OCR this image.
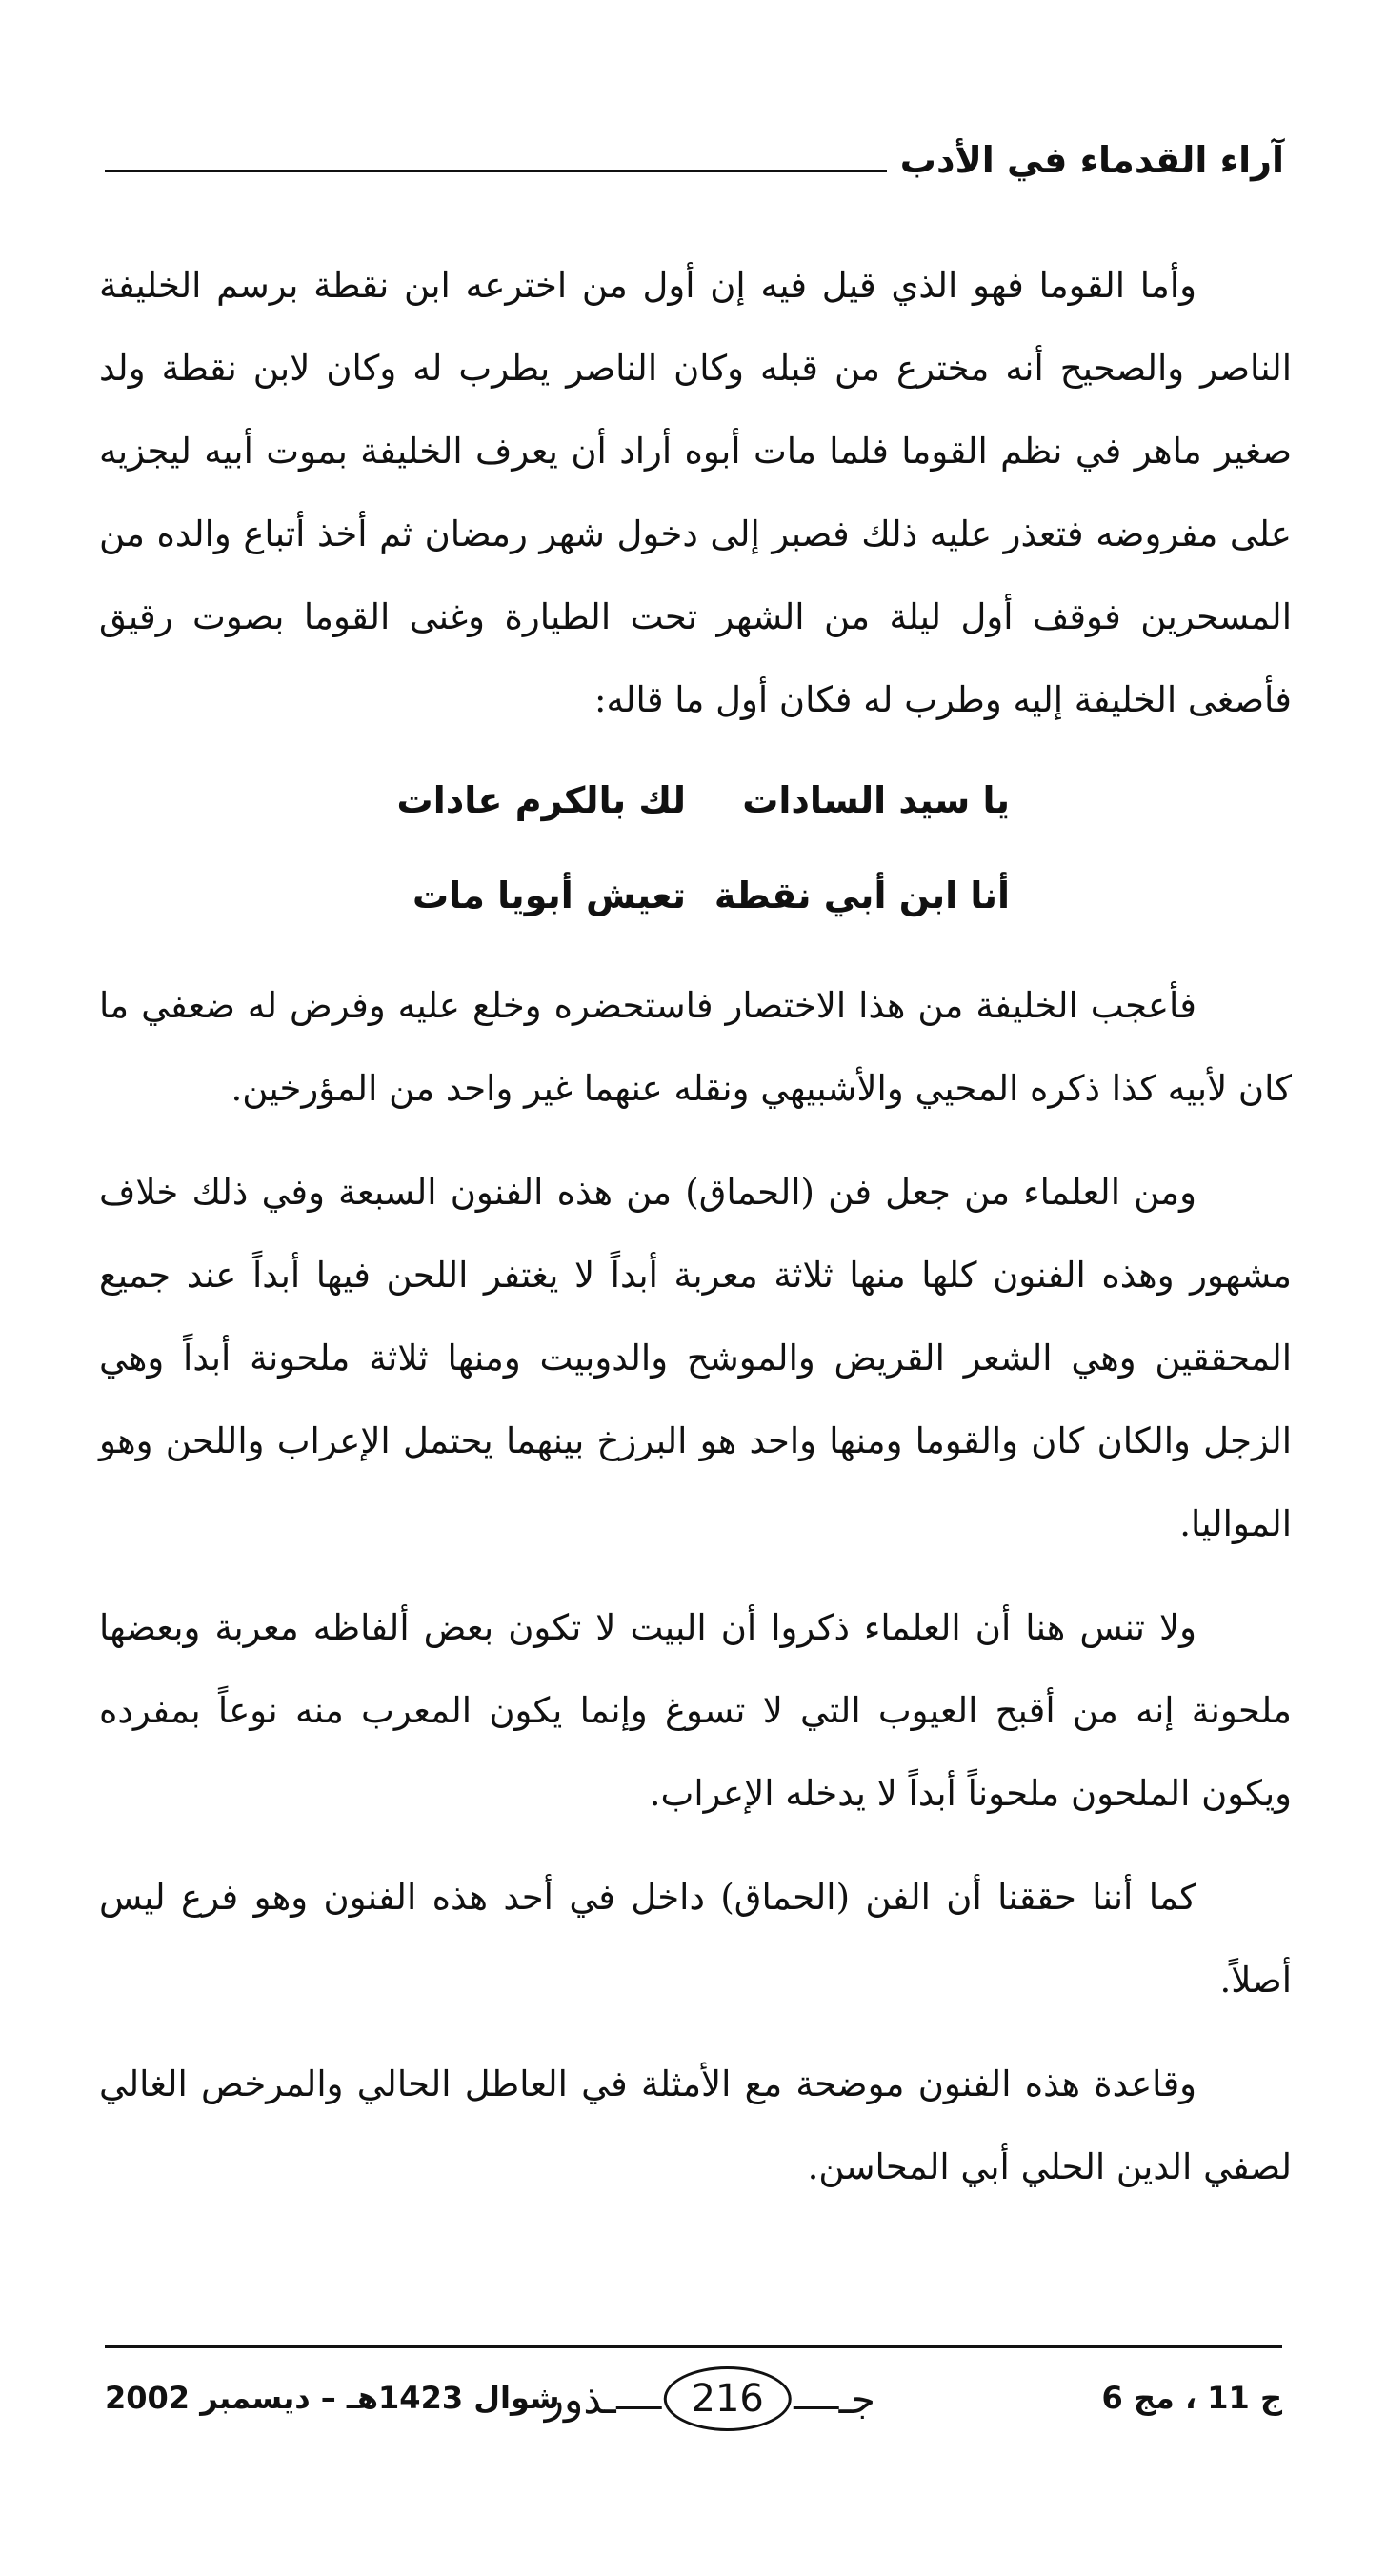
آراء القدماء في الأدب

وأما القوما فهو الذي قيل فيه إن أول من اخترعه ابن نقطة برسم الخليفة الناصر والصحيح أنه مخترع من قبله وكان الناصر يطرب له وكان لابن نقطة ولد صغير ماهر في نظم القوما فلما مات أبوه أراد أن يعرف الخليفة بموت أبيه ليجزيه على مفروضه فتعذر عليه ذلك فصبر إلى دخول شهر رمضان ثم أخذ أتباع والده من المسحرين فوقف أول ليلة من الشهر تحت الطيارة وغنى القوما بصوت رقيق فأصغى الخليفة إليه وطرب له فكان أول ما قاله:

يا سيد السادات
لك بالكرم عادات
أنا ابن أبي نقطة
تعيش أبويا مات

فأعجب الخليفة من هذا الاختصار فاستحضره وخلع عليه وفرض له ضعفي ما كان لأبيه كذا ذكره المحيي والأشبيهي ونقله عنهما غير واحد من المؤرخين.

ومن العلماء من جعل فن (الحماق) من هذه الفنون السبعة وفي ذلك خلاف مشهور وهذه الفنون كلها منها ثلاثة معربة أبداً لا يغتفر اللحن فيها أبداً عند جميع المحققين وهي الشعر القريض والموشح والدوبيت ومنها ثلاثة ملحونة أبداً وهي الزجل والكان كان والقوما ومنها واحد هو البرزخ بينهما يحتمل الإعراب واللحن وهو المواليا.

ولا تنس هنا أن العلماء ذكروا أن البيت لا تكون بعض ألفاظه معربة وبعضها ملحونة إنه من أقبح العيوب التي لا تسوغ وإنما يكون المعرب منه نوعاً بمفرده ويكون الملحون ملحوناً أبداً لا يدخله الإعراب.

كما أننا حققنا أن الفن (الحماق) داخل في أحد هذه الفنون وهو فرع ليس أصلاً.

وقاعدة هذه الفنون موضحة مع الأمثلة في العاطل الحالي والمرخص الغالي لصفي الدين الحلي أبي المحاسن.

ج 11 ، مج 6
جـ
216
ـذور
شوال 1423هـ – ديسمبر 2002
